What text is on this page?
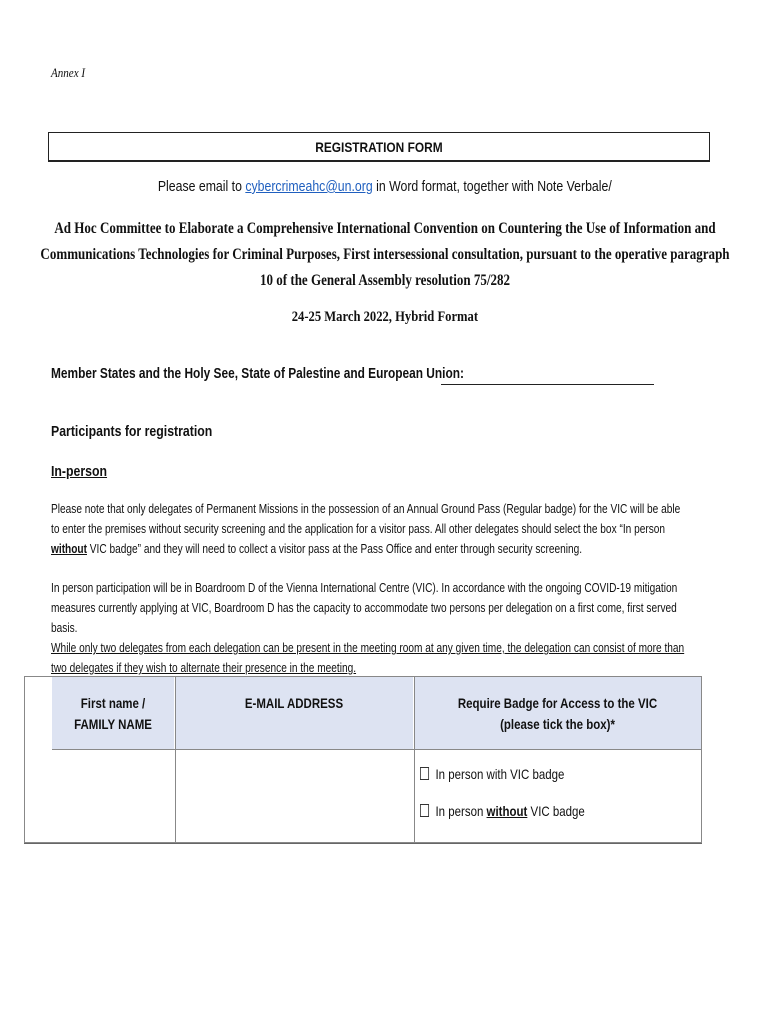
Annex I
REGISTRATION FORM
Please email to cybercrimeahc@un.org in Word format, together with Note Verbale/
Ad Hoc Committee to Elaborate a Comprehensive International Convention on Countering the Use of Information and Communications Technologies for Criminal Purposes, First intersessional consultation, pursuant to the operative paragraph 10 of the General Assembly resolution 75/282
24-25 March 2022, Hybrid Format
Member States and the Holy See, State of Palestine and European Union:
Participants for registration
In-person
Please note that only delegates of Permanent Missions in the possession of an Annual Ground Pass (Regular badge) for the VIC will be able to enter the premises without security screening and the application for a visitor pass. All other delegates should select the box “In person without VIC badge” and they will need to collect a visitor pass at the Pass Office and enter through security screening.
In person participation will be in Boardroom D of the Vienna International Centre (VIC). In accordance with the ongoing COVID-19 mitigation measures currently applying at VIC, Boardroom D has the capacity to accommodate two persons per delegation on a first come, first served basis.
While only two delegates from each delegation can be present in the meeting room at any given time, the delegation can consist of more than two delegates if they wish to alternate their presence in the meeting.
First name / FAMILY NAME
E-MAIL ADDRESS	Require Badge for Access to the VIC (please tick the box)*
In person with VIC badge
In person without VIC badge
